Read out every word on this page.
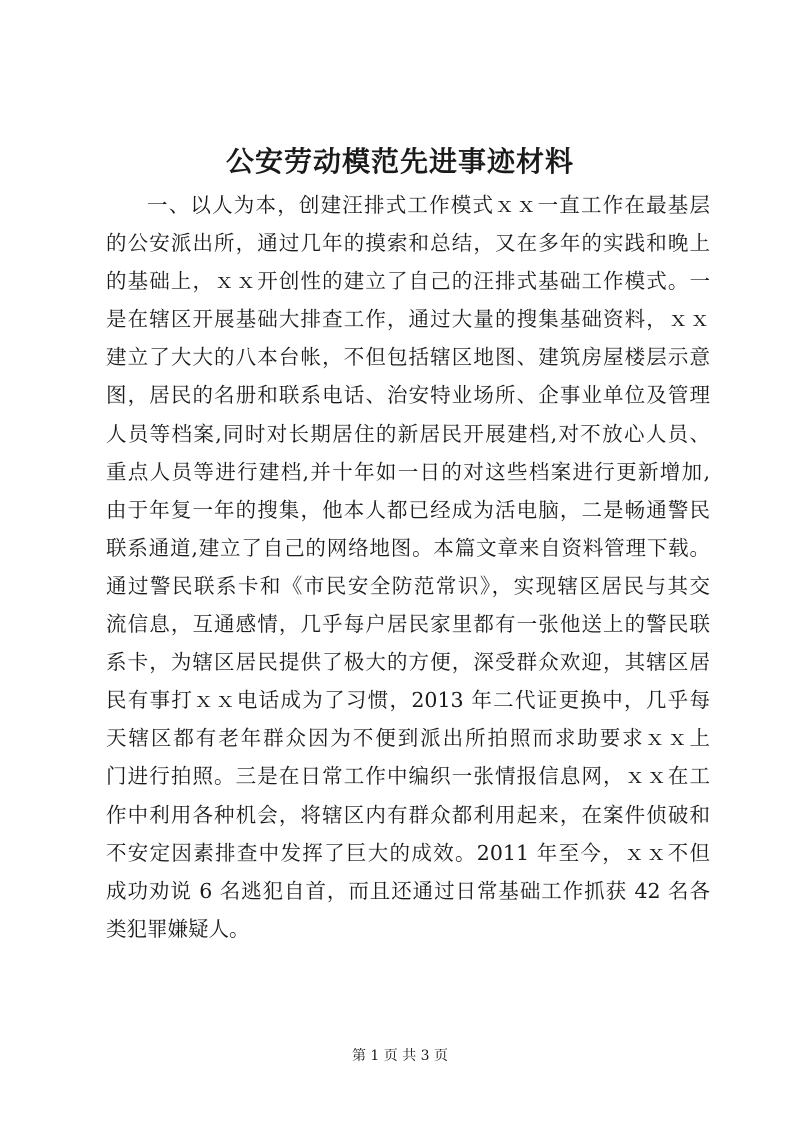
公安劳动模范先进事迹材料
一、以人为本，创建汪排式工作模式ｘｘ一直工作在最基层
的公安派出所，通过几年的摸索和总结，又在多年的实践和晚上
的基础上，ｘｘ开创性的建立了自己的汪排式基础工作模式。一
是在辖区开展基础大排查工作，通过大量的搜集基础资料，ｘｘ
建立了大大的八本台帐，不但包括辖区地图、建筑房屋楼层示意
图，居民的名册和联系电话、治安特业场所、企事业单位及管理
人员等档案,同时对长期居住的新居民开展建档,对不放心人员、
重点人员等进行建档,并十年如一日的对这些档案进行更新增加,
由于年复一年的搜集，他本人都已经成为活电脑，二是畅通警民
联系通道,建立了自己的网络地图。本篇文章来自资料管理下载。
通过警民联系卡和《市民安全防范常识》，实现辖区居民与其交
流信息，互通感情，几乎每户居民家里都有一张他送上的警民联
系卡，为辖区居民提供了极大的方便，深受群众欢迎，其辖区居
民有事打ｘｘ电话成为了习惯，2013 年二代证更换中，几乎每
天辖区都有老年群众因为不便到派出所拍照而求助要求ｘｘ上
门进行拍照。三是在日常工作中编织一张情报信息网，ｘｘ在工
作中利用各种机会，将辖区内有群众都利用起来，在案件侦破和
不安定因素排查中发挥了巨大的成效。2011 年至今，ｘｘ不但
成功劝说 6 名逃犯自首，而且还通过日常基础工作抓获 42 名各
类犯罪嫌疑人。
第 1 页 共 3 页
